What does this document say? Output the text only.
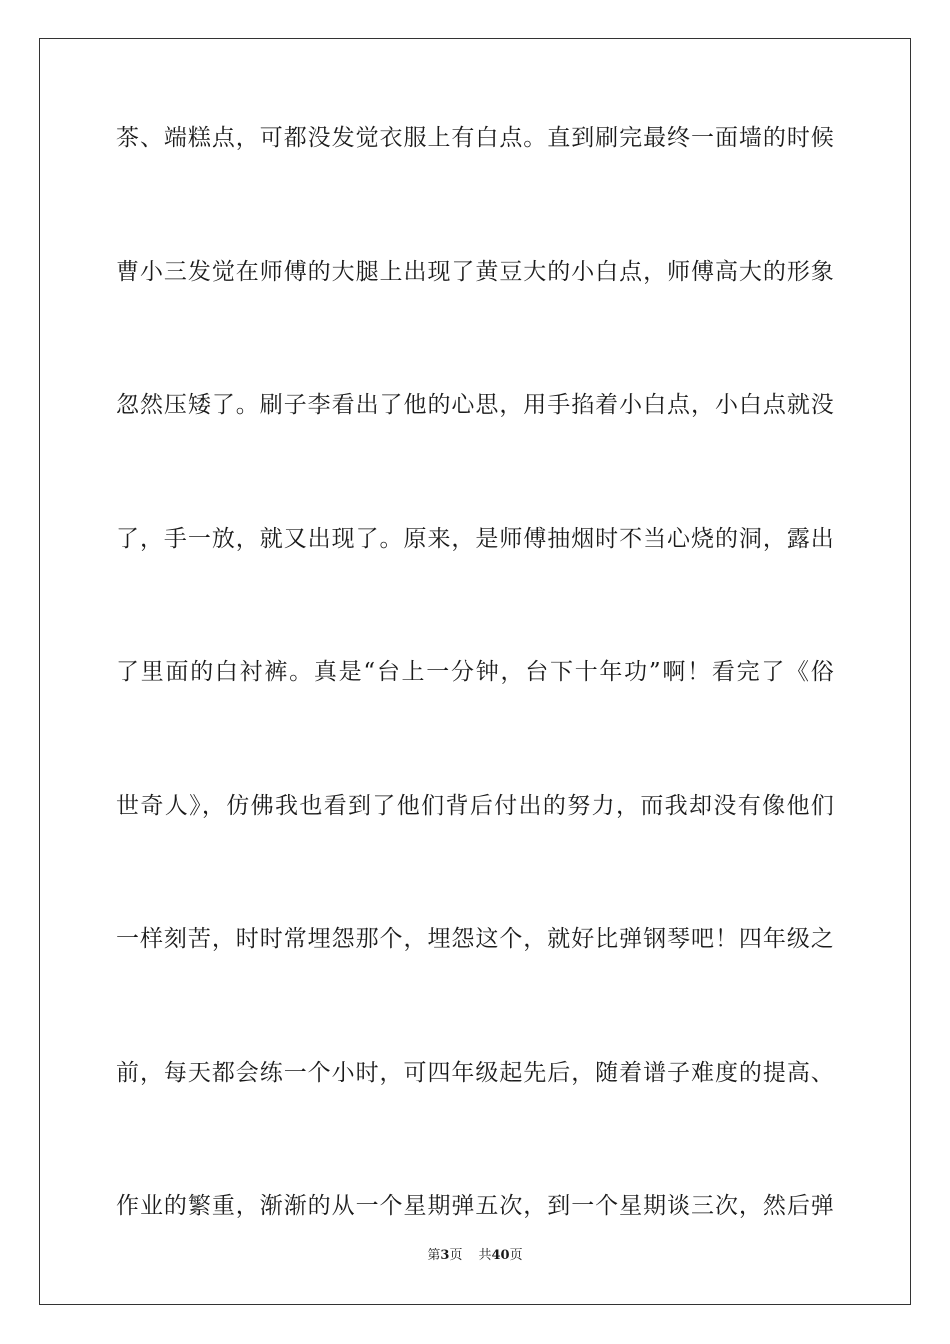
茶、端糕点，可都没发觉衣服上有白点。直到刷完最终一面墙的时候
曹小三发觉在师傅的大腿上出现了黄豆大的小白点，师傅高大的形象
忽然压矮了。刷子李看出了他的心思，用手掐着小白点，小白点就没
了，手一放，就又出现了。原来，是师傅抽烟时不当心烧的洞，露出
了里面的白衬裤。真是“台上一分钟，台下十年功”啊！看完了《俗
世奇人》，仿佛我也看到了他们背后付出的努力，而我却没有像他们
一样刻苦，时时常埋怨那个，埋怨这个，就好比弹钢琴吧！四年级之
前，每天都会练一个小时，可四年级起先后，随着谱子难度的提高、
作业的繁重，渐渐的从一个星期弹五次，到一个星期谈三次，然后弹
第3页 共40页
